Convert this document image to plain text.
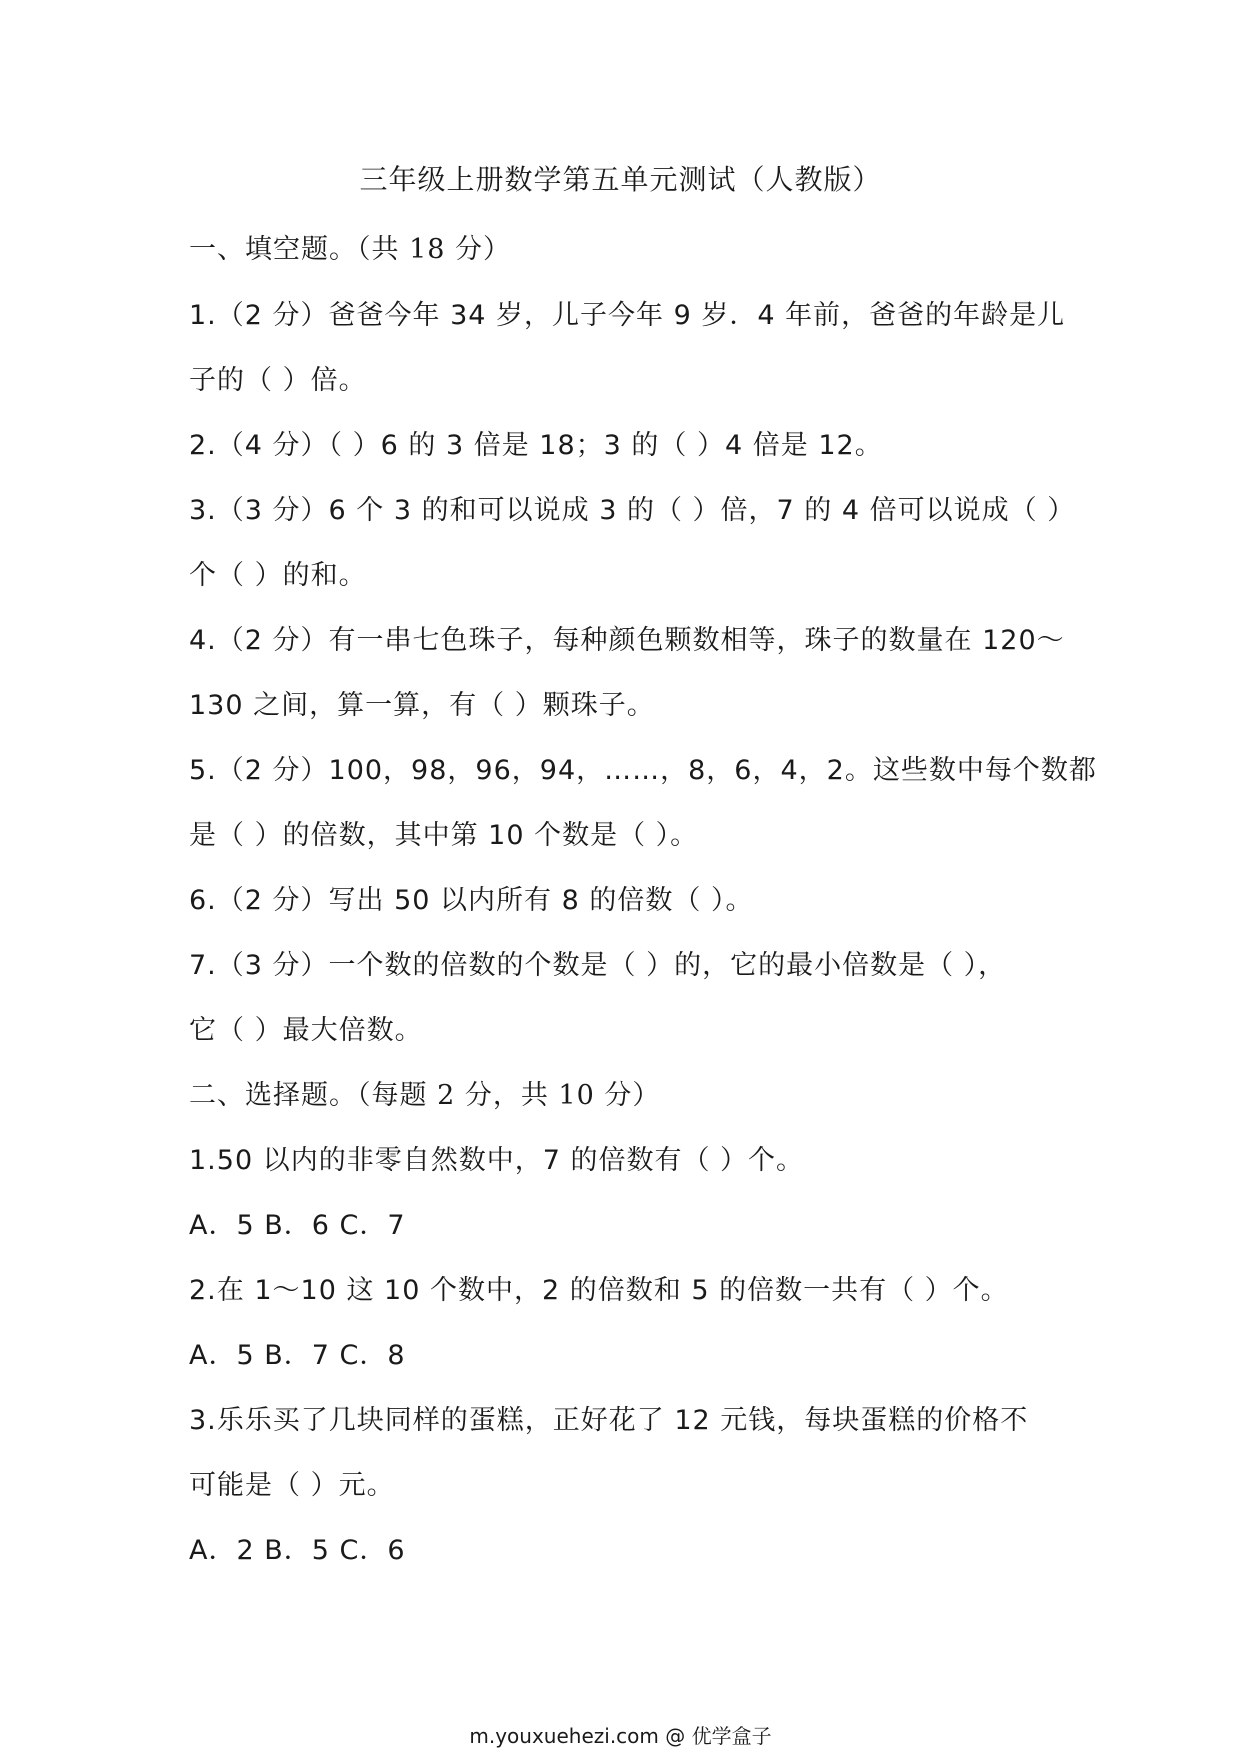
三年级上册数学第五单元测试（人教版）
一、填空题。（共 18 分）
1.（2 分）爸爸今年 34 岁，儿子今年 9 岁．4 年前，爸爸的年龄是儿
子的（ ）倍。
2.（4 分）（ ）6 的 3 倍是 18；3 的（ ）4 倍是 12。
3.（3 分）6 个 3 的和可以说成 3 的（ ）倍，7 的 4 倍可以说成（ ）
个（ ）的和。
4.（2 分）有一串七色珠子，每种颜色颗数相等，珠子的数量在 120～
130 之间，算一算，有（ ）颗珠子。
5.（2 分）100，98，96，94，……，8，6，4，2。这些数中每个数都
是（ ）的倍数，其中第 10 个数是（ ）。
6.（2 分）写出 50 以内所有 8 的倍数（ ）。
7.（3 分）一个数的倍数的个数是（ ）的，它的最小倍数是（ ），
它（ ）最大倍数。
二、选择题。（每题 2 分，共 10 分）
1.50 以内的非零自然数中，7 的倍数有（ ）个。
A．5 B．6 C．7
2.在 1～10 这 10 个数中，2 的倍数和 5 的倍数一共有（ ）个。
A．5 B．7 C．8
3.乐乐买了几块同样的蛋糕，正好花了 12 元钱，每块蛋糕的价格不
可能是（ ）元。
A．2 B．5 C．6
m.youxuehezi.com @ 优学盒子
